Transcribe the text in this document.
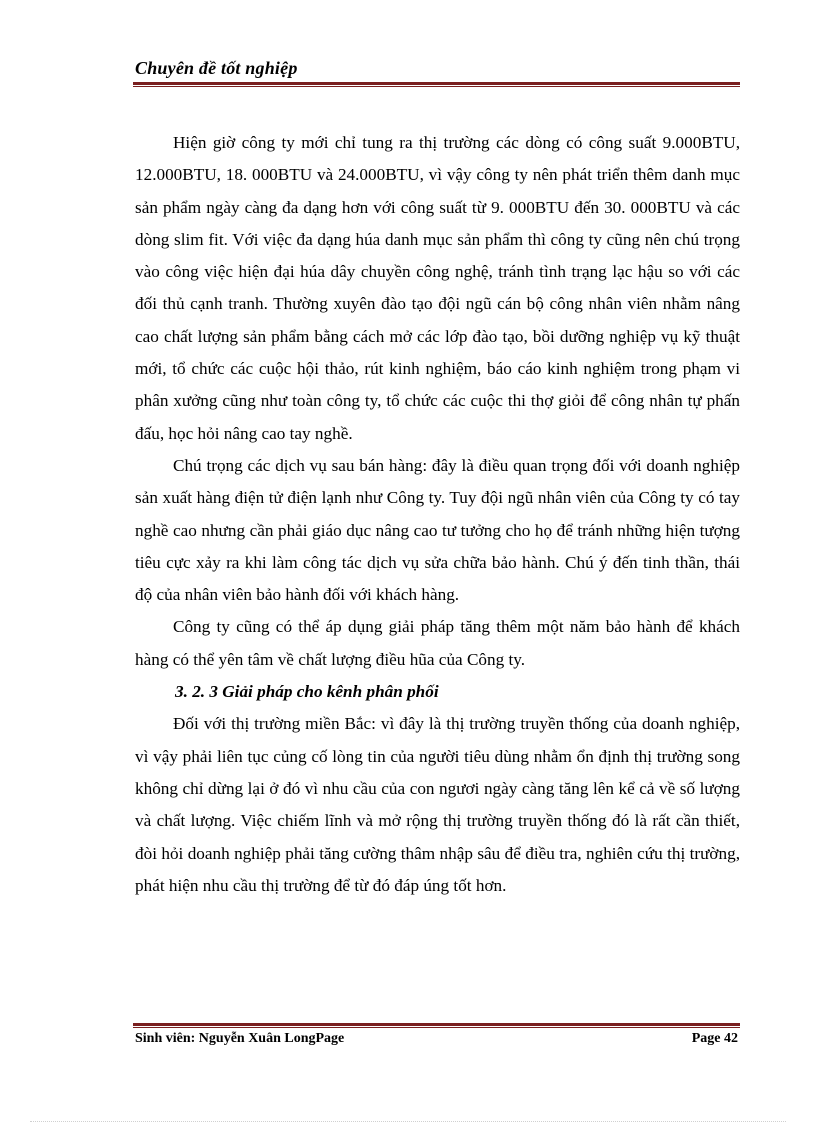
Chuyên đề tốt nghiệp

Hiện giờ công ty mới chỉ tung ra thị trường các dòng có công suất 9.000BTU, 12.000BTU, 18. 000BTU và 24.000BTU, vì vậy công ty nên phát triển thêm danh mục sản phẩm ngày càng đa dạng hơn với công suất từ 9. 000BTU đến 30. 000BTU và các dòng slim fit. Với việc đa dạng húa danh mục sản phẩm thì công ty cũng nên chú trọng vào công việc hiện đại húa dây chuyền công nghệ, tránh tình trạng lạc hậu so với các đối thủ cạnh tranh. Thường xuyên đào tạo đội ngũ cán bộ công nhân viên nhằm nâng cao chất lượng sản phẩm bằng cách mở các lớp đào tạo, bồi dưỡng nghiệp vụ kỹ thuật mới, tổ chức các cuộc hội thảo, rút kinh nghiệm, báo cáo kinh nghiệm trong phạm vi phân xưởng cũng như toàn công ty, tổ chức các cuộc thi thợ giỏi để công nhân tự phấn đấu, học hỏi nâng cao tay nghề.

Chú trọng các dịch vụ sau bán hàng: đây là điều quan trọng đối với doanh nghiệp sản xuất hàng điện tử điện lạnh như Công ty. Tuy đội ngũ nhân viên của Công ty có tay nghề cao nhưng cần phải giáo dục nâng cao tư tưởng cho họ để tránh những hiện tượng tiêu cực xảy ra khi làm công tác dịch vụ sửa chữa bảo hành. Chú ý đến tinh thần, thái độ của nhân viên bảo hành đối với khách hàng.

Công ty cũng có thể áp dụng giải pháp tăng thêm một năm bảo hành để khách hàng có thể yên tâm về chất lượng điều hũa của Công ty.

3. 2. 3 Giải pháp cho kênh phân phối

Đối với thị trường miền Bắc: vì đây là thị trường truyền thống của doanh nghiệp, vì vậy phải liên tục củng cố lòng tin của người tiêu dùng nhằm ổn định thị trường song không chỉ dừng lại ở đó vì nhu cầu của con ngươi ngày càng tăng lên kể cả về số lượng và chất lượng. Việc chiếm lĩnh và mở rộng thị trường truyền thống đó là rất cần thiết, đòi hỏi doanh nghiệp phải tăng cường thâm nhập sâu để điều tra, nghiên cứu thị trường, phát hiện nhu cầu thị trường để từ đó đáp úng tốt hơn.

Sinh viên: Nguyễn Xuân LongPage	Page 42
